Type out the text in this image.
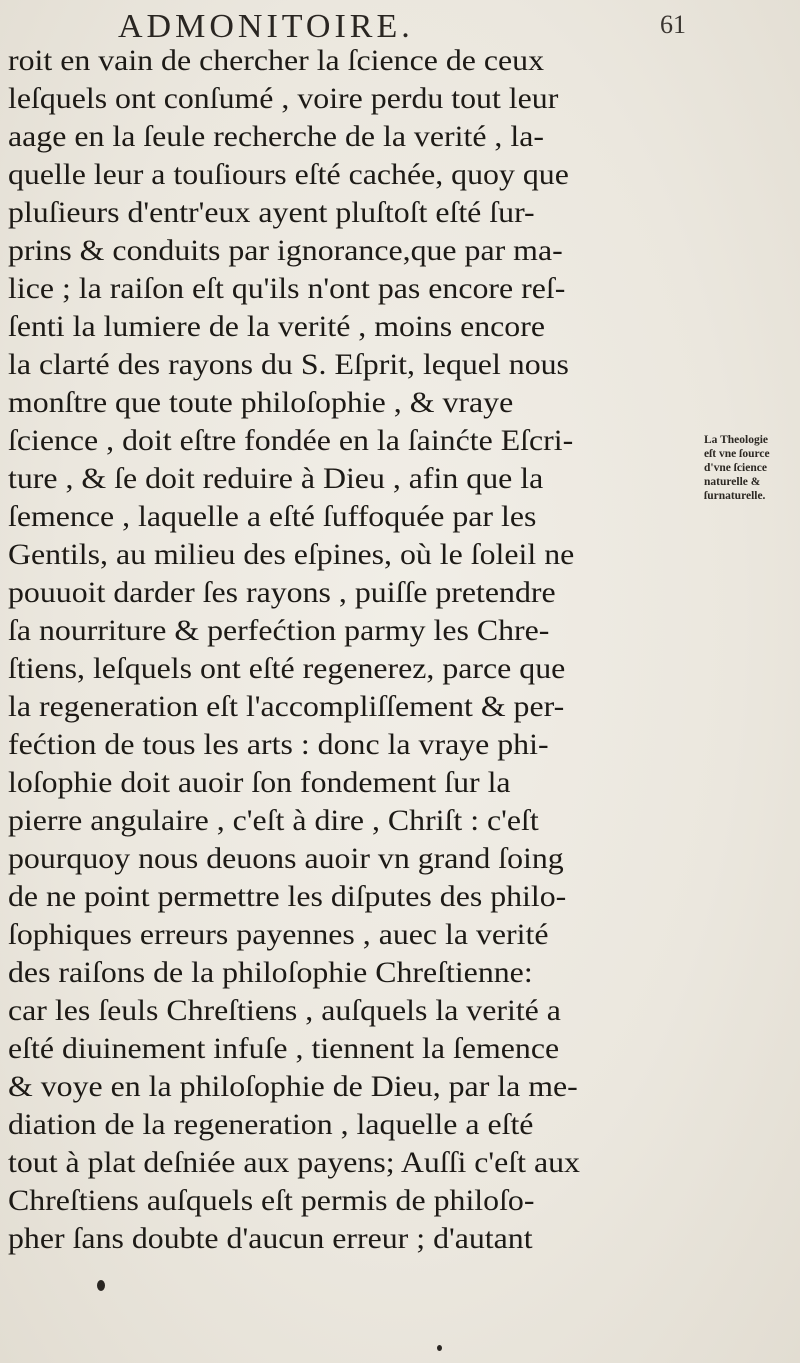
ADMONITOIRE.	61
roit en vain de chercher la ſcience de ceux
leſquels ont conſumé , voire perdu tout leur
aage en la ſeule recherche de la verité , la-
quelle leur a touſiours eſté cachée, quoy que
pluſieurs d'entr'eux ayent pluſtoſt eſté ſur-
prins & conduits par ignorance,que par ma-
lice ; la raiſon eſt qu'ils n'ont pas encore reſ-
ſenti la lumiere de la verité , moins encore
la clarté des rayons du S. Eſprit, lequel nous
monſtre que toute philoſophie , & vraye
ſcience , doit eſtre fondée en la ſainćte Eſcri-
ture , & ſe doit reduire à Dieu , afin que la
ſemence , laquelle a eſté ſuffoquée par les
Gentils, au milieu des eſpines, où le ſoleil ne
pouuoit darder ſes rayons , puiſſe pretendre
ſa nourriture & perfećtion parmy les Chre-
ſtiens, leſquels ont eſté regenerez, parce que
la regeneration eſt l'accompliſſement & per-
fećtion de tous les arts : donc la vraye phi-
loſophie doit auoir ſon fondement ſur la
pierre angulaire , c'eſt à dire , Chriſt : c'eſt
pourquoy nous deuons auoir vn grand ſoing
de ne point permettre les diſputes des philo-
ſophiques erreurs payennes , auec la verité
des raiſons de la philoſophie Chreſtienne:
car les ſeuls Chreſtiens , auſquels la verité a
eſté diuinement infuſe , tiennent la ſemence
& voye en la philoſophie de Dieu, par la me-
diation de la regeneration , laquelle a eſté
tout à plat deſniée aux payens; Auſſi c'eſt aux
Chreſtiens auſquels eſt permis de philoſo-
pher ſans doubte d'aucun erreur ; d'autant
La Theologie
eſt vne ſource
d'vne ſcience
naturelle &
ſurnaturelle.
